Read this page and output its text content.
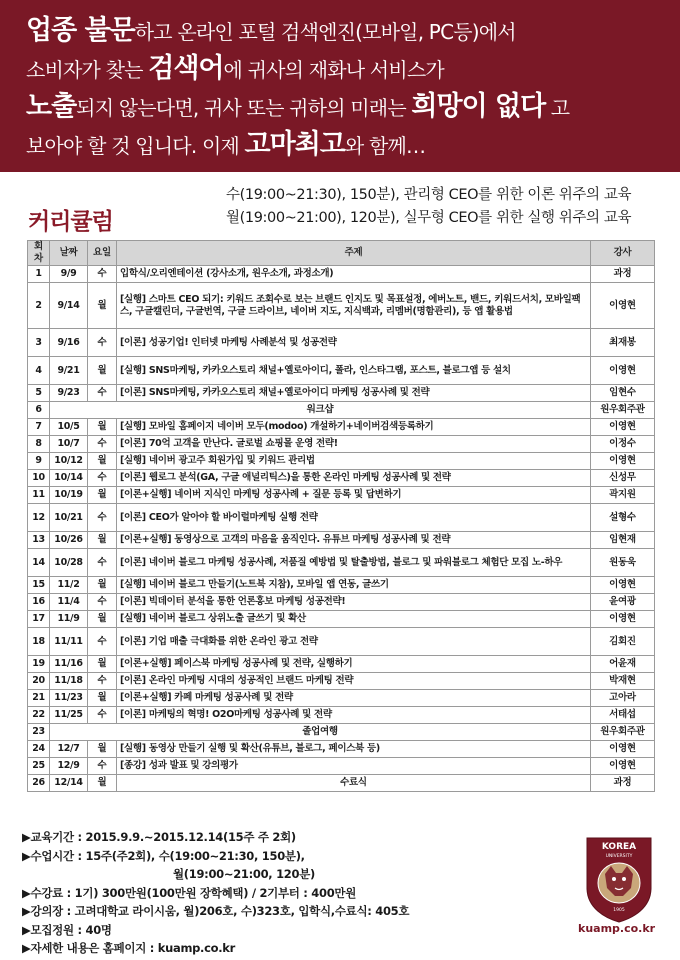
업종 불문하고 온라인 포털 검색엔진(모바일, PC등)에서
소비자가 찾는 검색어에 귀사의 재화나 서비스가
노출되지 않는다면, 귀사 또는 귀하의 미래는 희망이 없다 고
보아야 할 것 입니다. 이제 고마최고와 함께…
커리큘럼
수(19:00~21:30), 150분), 관리형 CEO를 위한 이론 위주의 교육
월(19:00~21:00), 120분), 실무형 CEO를 위한 실행 위주의 교육
회차	날짜	요일	주제	강사
1	9/9	수	입학식/오리엔테이션 (강사소개, 원우소개, 과정소개)	과정
2	9/14	월	[실행] 스마트 CEO 되기: 키워드 조회수로 보는 브랜드 인지도 및 목표설정, 에버노트, 밴드, 키워드서치, 모바일팩스, 구글캘린더, 구글번역, 구글 드라이브, 네이버 지도, 지식백과, 리멤버(명함관리), 등 앱 활용법	이영현
3	9/16	수	[이론] 성공기업! 인터넷 마케팅 사례분석 및 성공전략	최재봉
4	9/21	월	[실행] SNS마케팅, 카카오스토리 채널+옐로아이디, 폴라, 인스타그램, 포스트, 블로그앱 등 설치	이영현
5	9/23	수	[이론] SNS마케팅, 카카오스토리 채널+옐로아이디 마케팅 성공사례 및 전략	임현수
6	워크샵			원우회주관
7	10/5	월	[실행] 모바일 홈페이지 네이버 모두(modoo) 개설하기+네이버검색등록하기	이영현
8	10/7	수	[이론] 70억 고객을 만난다. 글로벌 쇼핑몰 운영 전략!	이정수
9	10/12	월	[실행] 네이버 광고주 회원가입 및 키워드 관리법	이영현
10	10/14	수	[이론] 웹로그 분석(GA, 구글 애널리틱스)을 통한 온라인 마케팅 성공사례 및 전략	신성무
11	10/19	월	[이론+실행] 네이버 지식인 마케팅 성공사례 + 질문 등록 및 답변하기	곽지원
12	10/21	수	[이론] CEO가 알아야 할 바이럴마케팅 실행 전략	설형수
13	10/26	월	[이론+실행] 동영상으로 고객의 마음을 움직인다. 유튜브 마케팅 성공사례 및 전략	임현재
14	10/28	수	[이론] 네이버 블로그 마케팅 성공사례, 저품질 예방법 및 탈출방법, 블로그 및 파워블로그 체험단 모집 노-하우	원동욱
15	11/2	월	[실행] 네이버 블로그 만들기(노트북 지참), 모바일 앱 연동, 글쓰기	이영현
16	11/4	수	[이론] 빅데이터 분석을 통한 언론홍보 마케팅 성공전략!	윤여광
17	11/9	월	[실행] 네이버 블로그 상위노출 글쓰기 및 확산	이영현
18	11/11	수	[이론] 기업 매출 극대화를 위한 온라인 광고 전략	김회진
19	11/16	월	[이론+실행] 페이스북 마케팅 성공사례 및 전략, 실행하기	어윤재
20	11/18	수	[이론] 온라인 마케팅 시대의 성공적인 브랜드 마케팅 전략	박재현
21	11/23	월	[이론+실행] 카페 마케팅 성공사례 및 전략	고아라
22	11/25	수	[이론] 마케팅의 혁명! O2O마케팅 성공사례 및 전략	서태섭
23	졸업여행			원우회주관
24	12/7	월	[실행] 동영상 만들기 실행 및 확산(유튜브, 블로그, 페이스북 등)	이영현
25	12/9	수	[종강] 성과 발표 및 강의평가	이영현
26	12/14	월	수료식	과정
▶교육기간 : 2015.9.9.~2015.12.14(15주 주 2회)
▶수업시간 : 15주(주2회), 수(19:00~21:30, 150분),
월(19:00~21:00, 120분)
▶수강료 : 1기) 300만원(100만원 장학혜택) / 2기부터 : 400만원
▶강의장 : 고려대학교 라이시움, 월)206호, 수)323호, 입학식,수료식: 405호
▶모집정원 : 40명
▶자세한 내용은 홈페이지 : kuamp.co.kr
KOREA
UNIVERSITY
1905
kuamp.co.kr
